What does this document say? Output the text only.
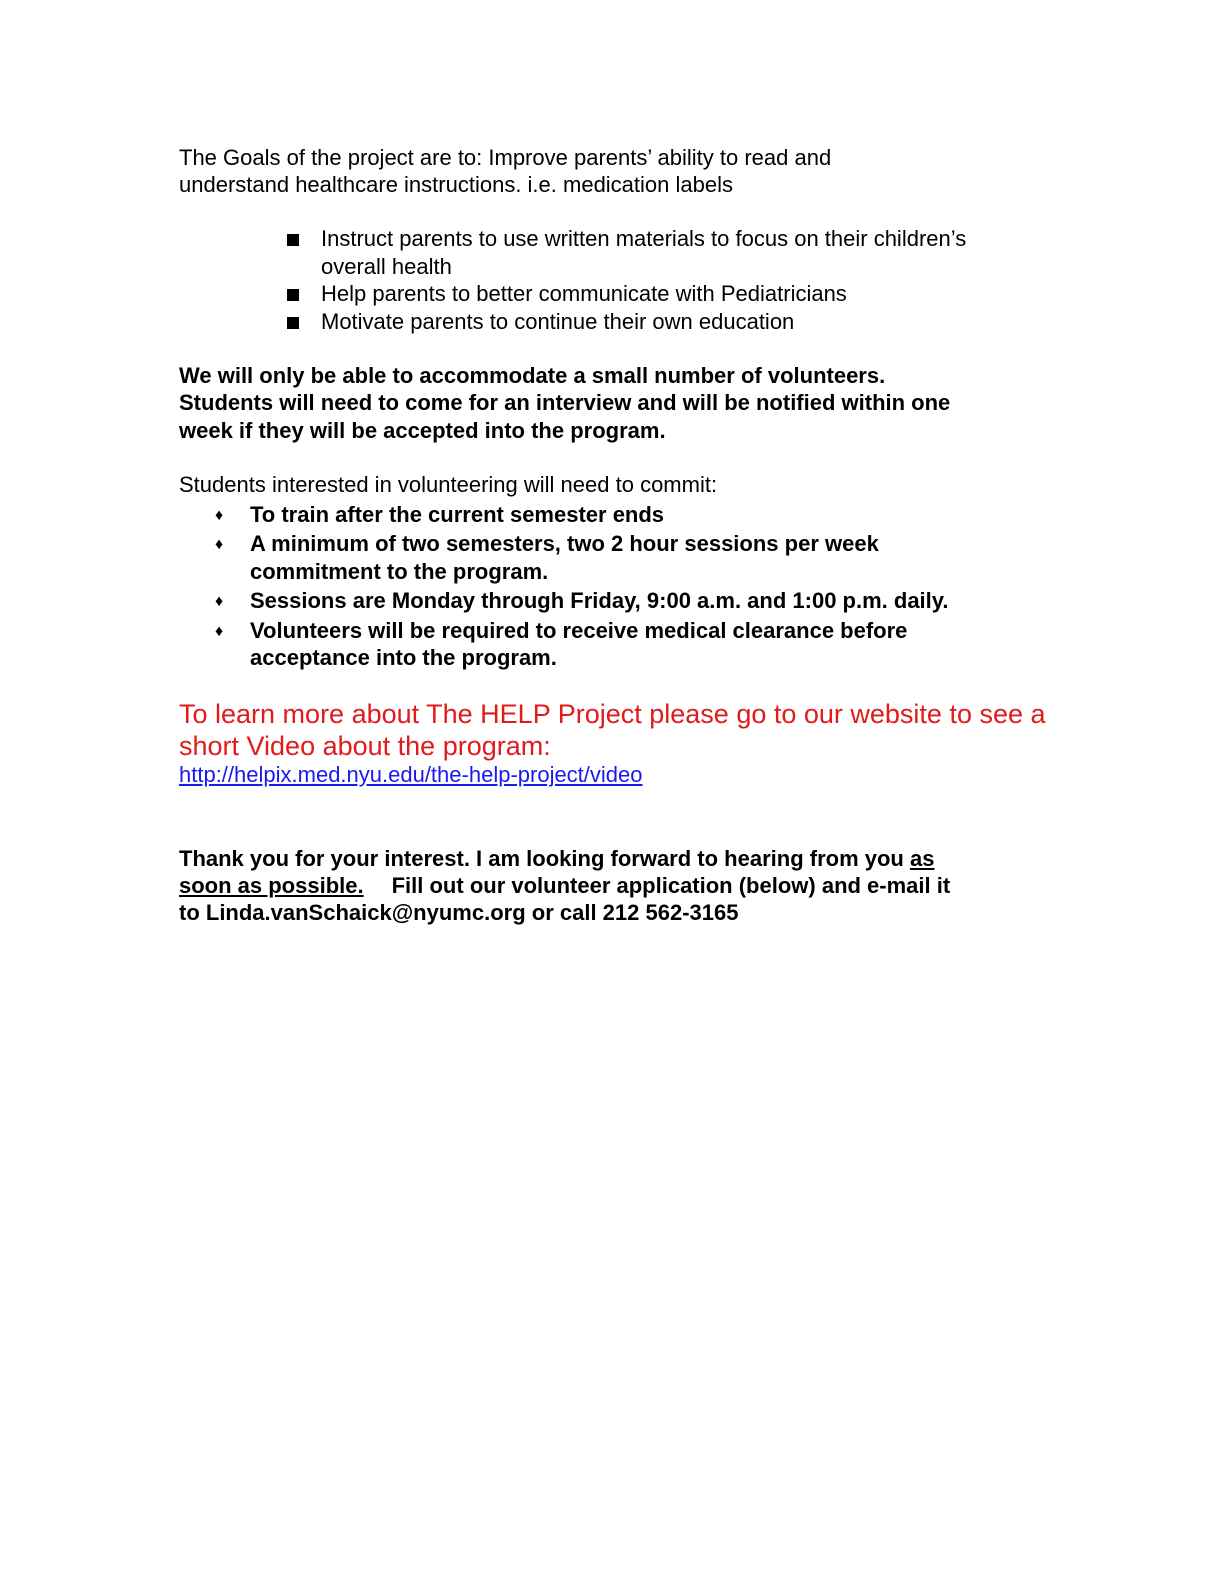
The Goals of the project are to: Improve parents’ ability to read and
understand healthcare instructions. i.e. medication labels

Instruct parents to use written materials to focus on their children’s
overall health
Help parents to better communicate with Pediatricians
Motivate parents to continue their own education

We will only be able to accommodate a small number of volunteers.
Students will need to come for an interview and will be notified within one
week if they will be accepted into the program.

Students interested in volunteering will need to commit:

♦ To train after the current semester ends
♦ A minimum of two semesters, two 2 hour sessions per week
commitment to the program.
♦ Sessions are Monday through Friday, 9:00 a.m. and 1:00 p.m. daily.
♦ Volunteers will be required to receive medical clearance before
acceptance into the program.

To learn more about The HELP Project please go to our website to see a
short Video about the program:

http://helpix.med.nyu.edu/the-help-project/video

Thank you for your interest. I am looking forward to hearing from you as
soon as possible. Fill out our volunteer application (below) and e-mail it
to Linda.vanSchaick@nyumc.org or call 212 562-3165
